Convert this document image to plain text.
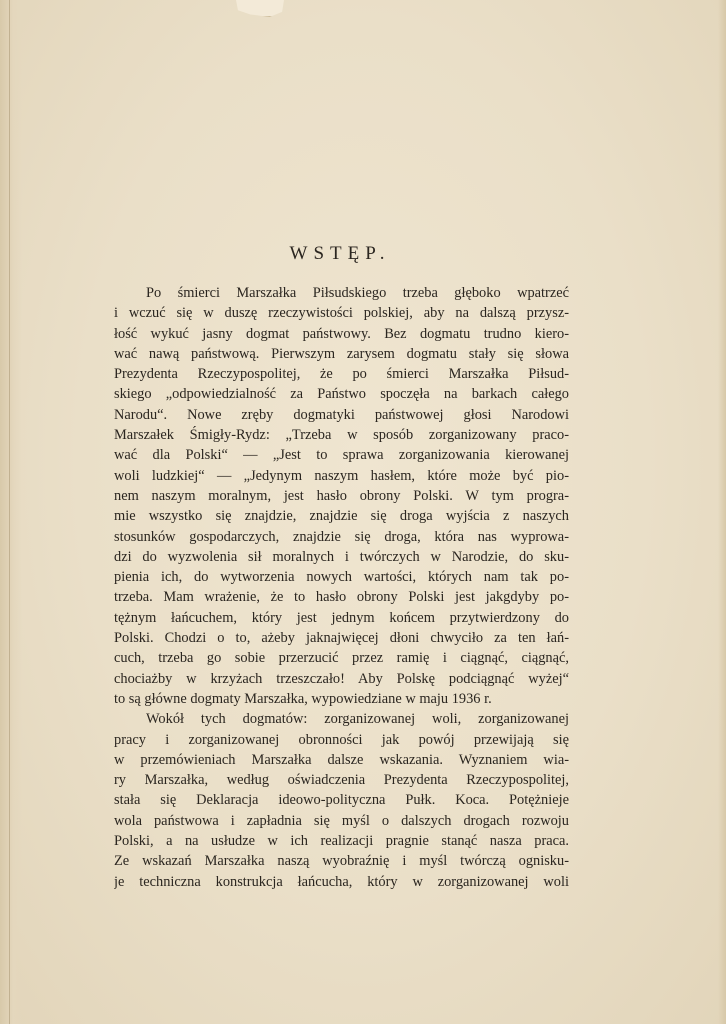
WSTĘP.
Po śmierci Marszałka Piłsudskiego trzeba głęboko wpatrzeć
i wczuć się w duszę rzeczywistości polskiej, aby na dalszą przysz-
łość wykuć jasny dogmat państwowy. Bez dogmatu trudno kiero-
wać nawą państwową. Pierwszym zarysem dogmatu stały się słowa
Prezydenta Rzeczypospolitej, że po śmierci Marszałka Piłsud-
skiego „odpowiedzialność za Państwo spoczęła na barkach całego
Narodu“. Nowe zręby dogmatyki państwowej głosi Narodowi
Marszałek Śmigły-Rydz: „Trzeba w sposób zorganizowany praco-
wać dla Polski“ — „Jest to sprawa zorganizowania kierowanej
woli ludzkiej“ — „Jedynym naszym hasłem, które może być pio-
nem naszym moralnym, jest hasło obrony Polski. W tym progra-
mie wszystko się znajdzie, znajdzie się droga wyjścia z naszych
stosunków gospodarczych, znajdzie się droga, która nas wyprowa-
dzi do wyzwolenia sił moralnych i twórczych w Narodzie, do sku-
pienia ich, do wytworzenia nowych wartości, których nam tak po-
trzeba. Mam wrażenie, że to hasło obrony Polski jest jakgdyby po-
tężnym łańcuchem, który jest jednym końcem przytwierdzony do
Polski. Chodzi o to, ażeby jaknajwięcej dłoni chwyciło za ten łań-
cuch, trzeba go sobie przerzucić przez ramię i ciągnąć, ciągnąć,
chociażby w krzyżach trzeszczało! Aby Polskę podciągnąć wyżej“
to są główne dogmaty Marszałka, wypowiedziane w maju 1936 r.
Wokół tych dogmatów: zorganizowanej woli, zorganizowanej
pracy i zorganizowanej obronności jak powój przewijają się
w przemówieniach Marszałka dalsze wskazania. Wyznaniem wia-
ry Marszałka, według oświadczenia Prezydenta Rzeczypospolitej,
stała się Deklaracja ideowo-polityczna Pułk. Koca. Potężnieje
wola państwowa i zapładnia się myśl o dalszych drogach rozwoju
Polski, a na usłudze w ich realizacji pragnie stanąć nasza praca.
Ze wskazań Marszałka naszą wyobraźnię i myśl twórczą ognisku-
je techniczna konstrukcja łańcucha, który w zorganizowanej woli
